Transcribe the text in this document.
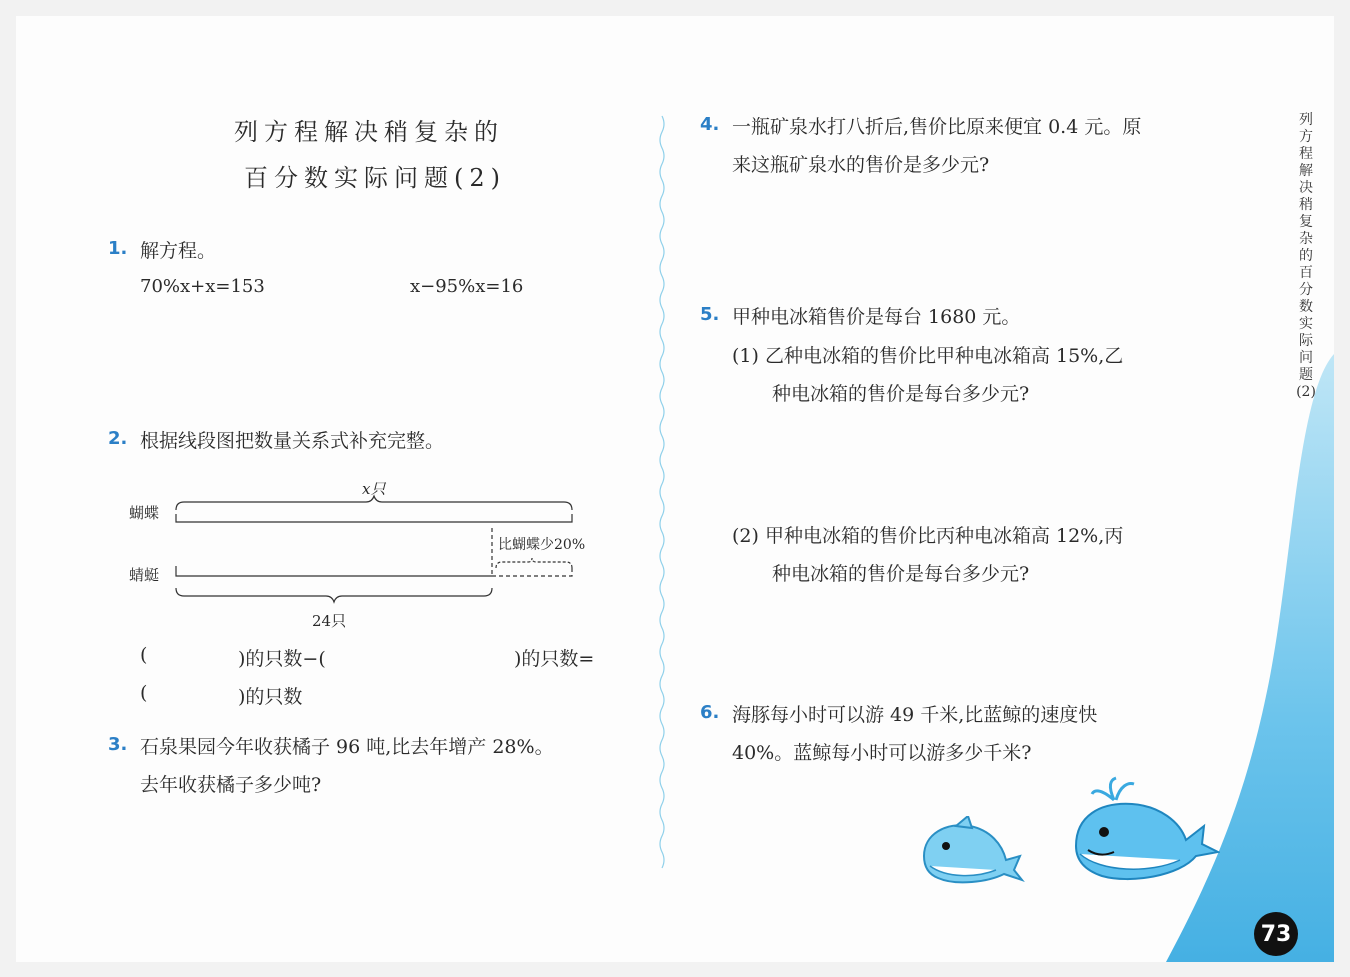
列方程解决稍复杂的
百分数实际问题(2)
1. 解方程。
70%x+x=153	x−95%x=16
2. 根据线段图把数量关系式补充完整。
蝴蝶
蜻蜓
x只
比蝴蝶少20%
24只
(	)的只数−(	)的只数=
(	)的只数
3. 石泉果园今年收获橘子 96 吨,比去年增产 28%。
去年收获橘子多少吨?
4. 一瓶矿泉水打八折后,售价比原来便宜 0.4 元。原
来这瓶矿泉水的售价是多少元?
5. 甲种电冰箱售价是每台 1680 元。
(1) 乙种电冰箱的售价比甲种电冰箱高 15%,乙
种电冰箱的售价是每台多少元?
(2) 甲种电冰箱的售价比丙种电冰箱高 12%,丙
种电冰箱的售价是每台多少元?
6. 海豚每小时可以游 49 千米,比蓝鲸的速度快
40%。蓝鲸每小时可以游多少千米?
列方程解决稍复杂的百分数实际问题(2)
73
